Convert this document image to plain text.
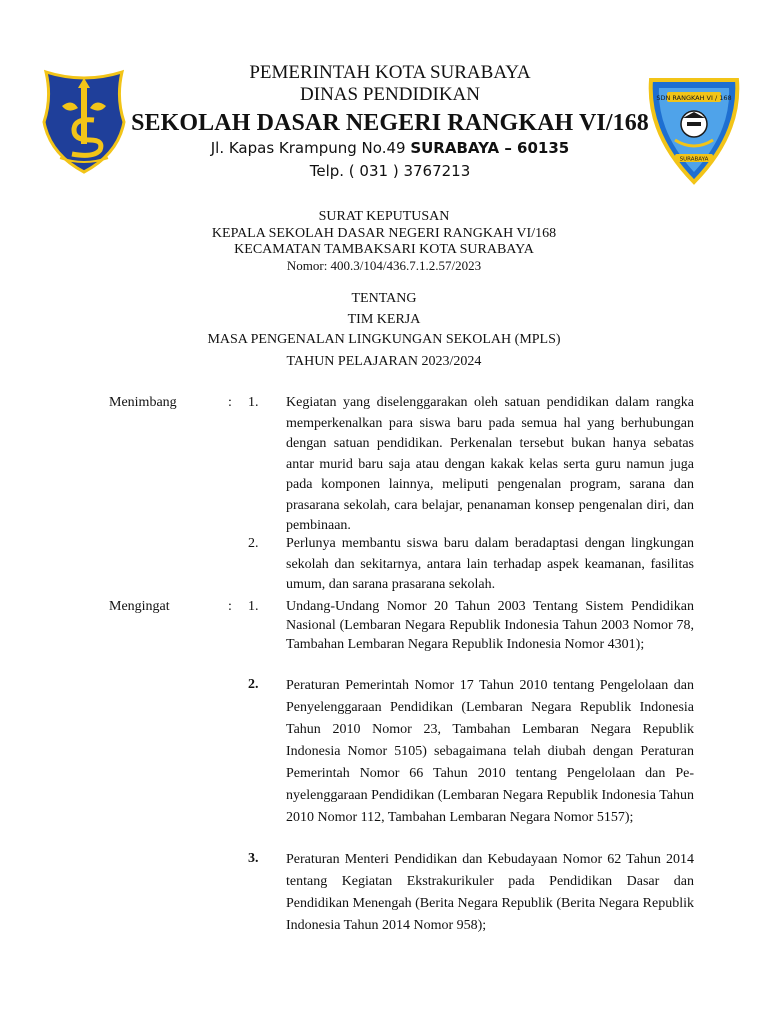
SDN RANGKAH VI / 168
SURABAYA
PEMERINTAH KOTA SURABAYA
DINAS PENDIDIKAN
SEKOLAH DASAR NEGERI RANGKAH VI/168
Jl. Kapas Krampung No.49 SURABAYA – 60135
Telp. ( 031 ) 3767213
SURAT KEPUTUSAN
KEPALA SEKOLAH DASAR NEGERI RANGKAH VI/168
KECAMATAN TAMBAKSARI KOTA SURABAYA
Nomor: 400.3/104/436.7.1.2.57/2023
TENTANG
TIM KERJA
MASA PENGENALAN LINGKUNGAN SEKOLAH (MPLS)
TAHUN PELAJARAN 2023/2024
Menimbang	: 1. Kegiatan yang diselenggarakan oleh satuan pendidikan dalam rangka memperkenalkan para siswa baru pada semua hal yang berhubungan dengan satuan pendidikan. Perkenalan tersebut bukan hanya sebatas antar murid baru saja atau dengan kakak kelas serta guru namun juga pada komponen lainnya, meliputi pengenalan program, sarana dan prasarana sekolah, cara belajar, penanaman konsep pengenalan diri, dan pembinaan.
2. Perlunya membantu siswa baru dalam beradaptasi dengan lingkungan sekolah dan sekitarnya, antara lain terhadap aspek keamanan, fasilitas umum, dan sarana prasarana sekolah.
Mengingat	: 1. Undang-Undang Nomor 20 Tahun 2003 Tentang Sistem Pendidikan Nasional (Lembaran Negara Republik Indonesia Tahun 2003 Nomor 78, Tambahan Lembaran Negara Republik Indonesia Nomor 4301);
2. Peraturan Pemerintah Nomor 17 Tahun 2010 tentang Pengelolaan dan Penyelenggaraan Pendidikan (Lembaran Negara Republik Indonesia Tahun 2010 Nomor 23, Tambahan Lembaran Negara Republik Indonesia Nomor 5105) sebagaimana telah diubah dengan Peraturan Pemerintah Nomor 66 Tahun 2010 tentang Pengelolaan dan Pe- nyelenggaraan Pendidikan (Lembaran Negara Republik Indonesia Tahun 2010 Nomor 112, Tambahan Lembaran Negara Nomor 5157);
3. Peraturan Menteri Pendidikan dan Kebudayaan Nomor 62 Tahun 2014 tentang Kegiatan Ekstrakurikuler pada Pendidikan Dasar dan Pendidikan Menengah (Berita Negara Republik (Berita Negara Republik Indonesia Tahun 2014 Nomor 958);
